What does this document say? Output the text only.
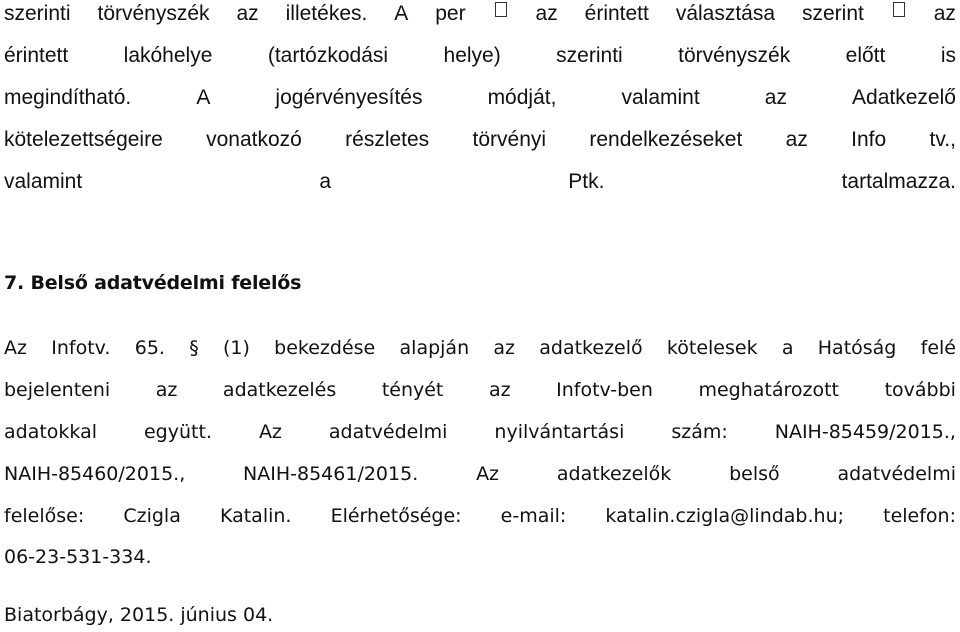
szerinti törvényszék az illetékes. A per	az érintett választása szerint	az
érintett	lakóhelye	(tartózkodási	helye)	szerinti	törvényszék	előtt	is
megindítható.	A	jogérvényesítés	módját,	valamint	az	Adatkezelő
kötelezettségeire vonatkozó részletes törvényi rendelkezéseket az Info tv.,
valamint	a	Ptk.	tartalmazza.
7. Belső adatvédelmi felelős
Az Infotv. 65. § (1) bekezdése alapján az adatkezelő kötelesek a Hatóság felé
bejelenteni az adatkezelés tényét az Infotv-ben meghatározott további
adatokkal együtt. Az adatvédelmi nyilvántartási szám: NAIH-85459/2015.,
NAIH-85460/2015.,	NAIH-85461/2015.	Az	adatkezelők	belső	adatvédelmi
felelőse: Czigla Katalin. Elérhetősége: e-mail: katalin.czigla@lindab.hu; telefon:
06-23-531-334.
Biatorbágy, 2015. június 04.
